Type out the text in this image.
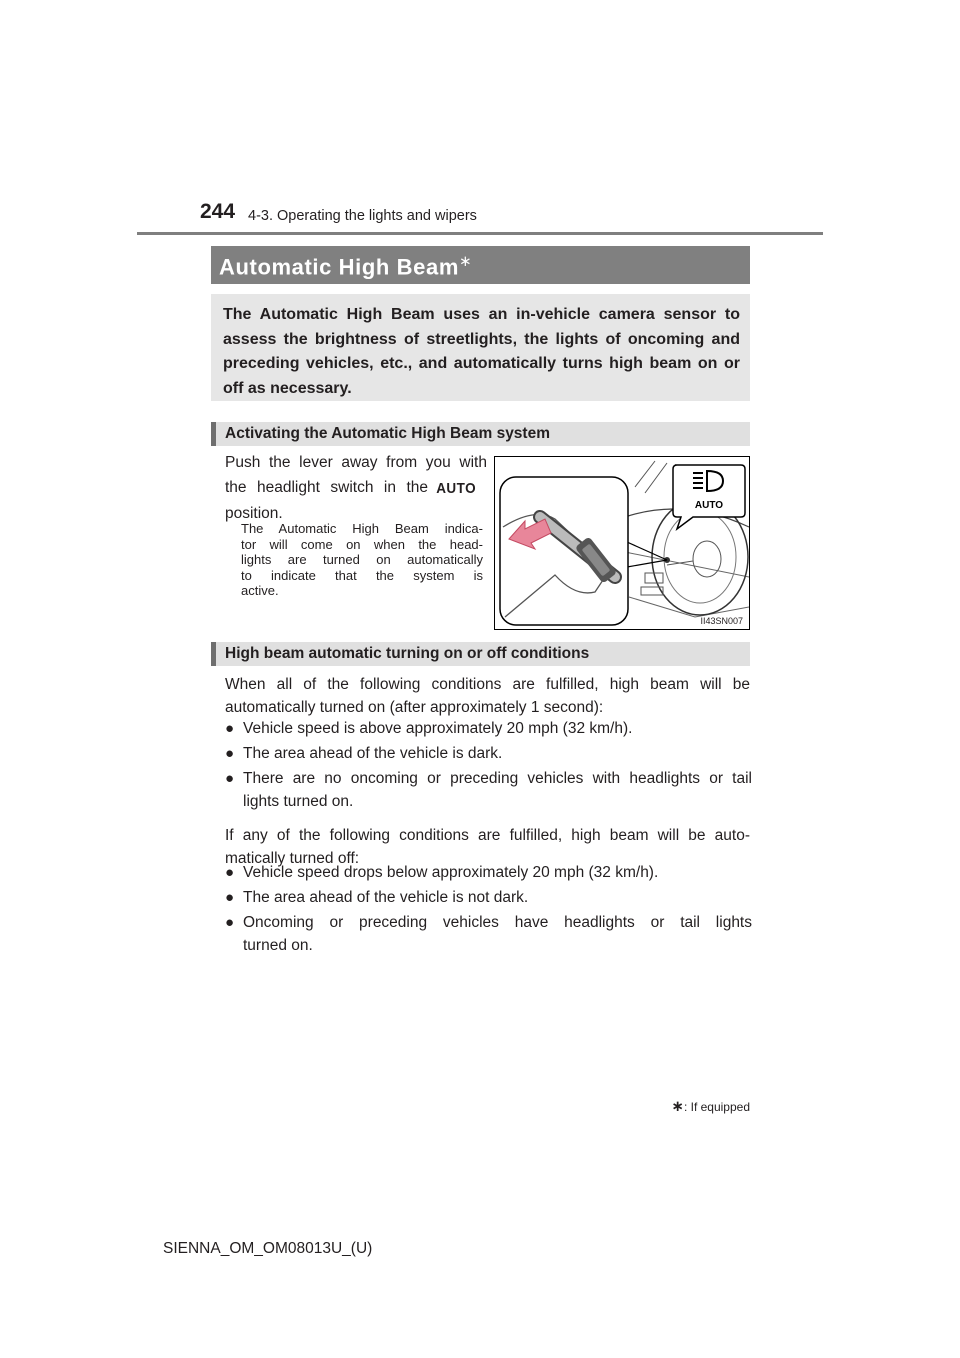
244 4-3. Operating the lights and wipers
Automatic High Beam∗

The Automatic High Beam uses an in-vehicle camera sensor to assess the brightness of streetlights, the lights of oncoming and preceding vehicles, etc., and automatically turns high beam on or off as necessary.

Activating the Automatic High Beam system
Push the lever away from you with
the headlight switch in the AUTO
position.
The Automatic High Beam indica-
tor will come on when the head-
lights are turned on automatically
to indicate that the system is
active.
AUTO
II43SN007
High beam automatic turning on or off conditions
When all of the following conditions are fulfilled, high beam will be
automatically turned on (after approximately 1 second):
● Vehicle speed is above approximately 20 mph (32 km/h).
● The area ahead of the vehicle is dark.
● There are no oncoming or preceding vehicles with headlights or tail
lights turned on.
If any of the following conditions are fulfilled, high beam will be auto-
matically turned off:
● Vehicle speed drops below approximately 20 mph (32 km/h).
● The area ahead of the vehicle is not dark.
● Oncoming or preceding vehicles have headlights or tail lights
turned on.
∗: If equipped
SIENNA_OM_OM08013U_(U)
